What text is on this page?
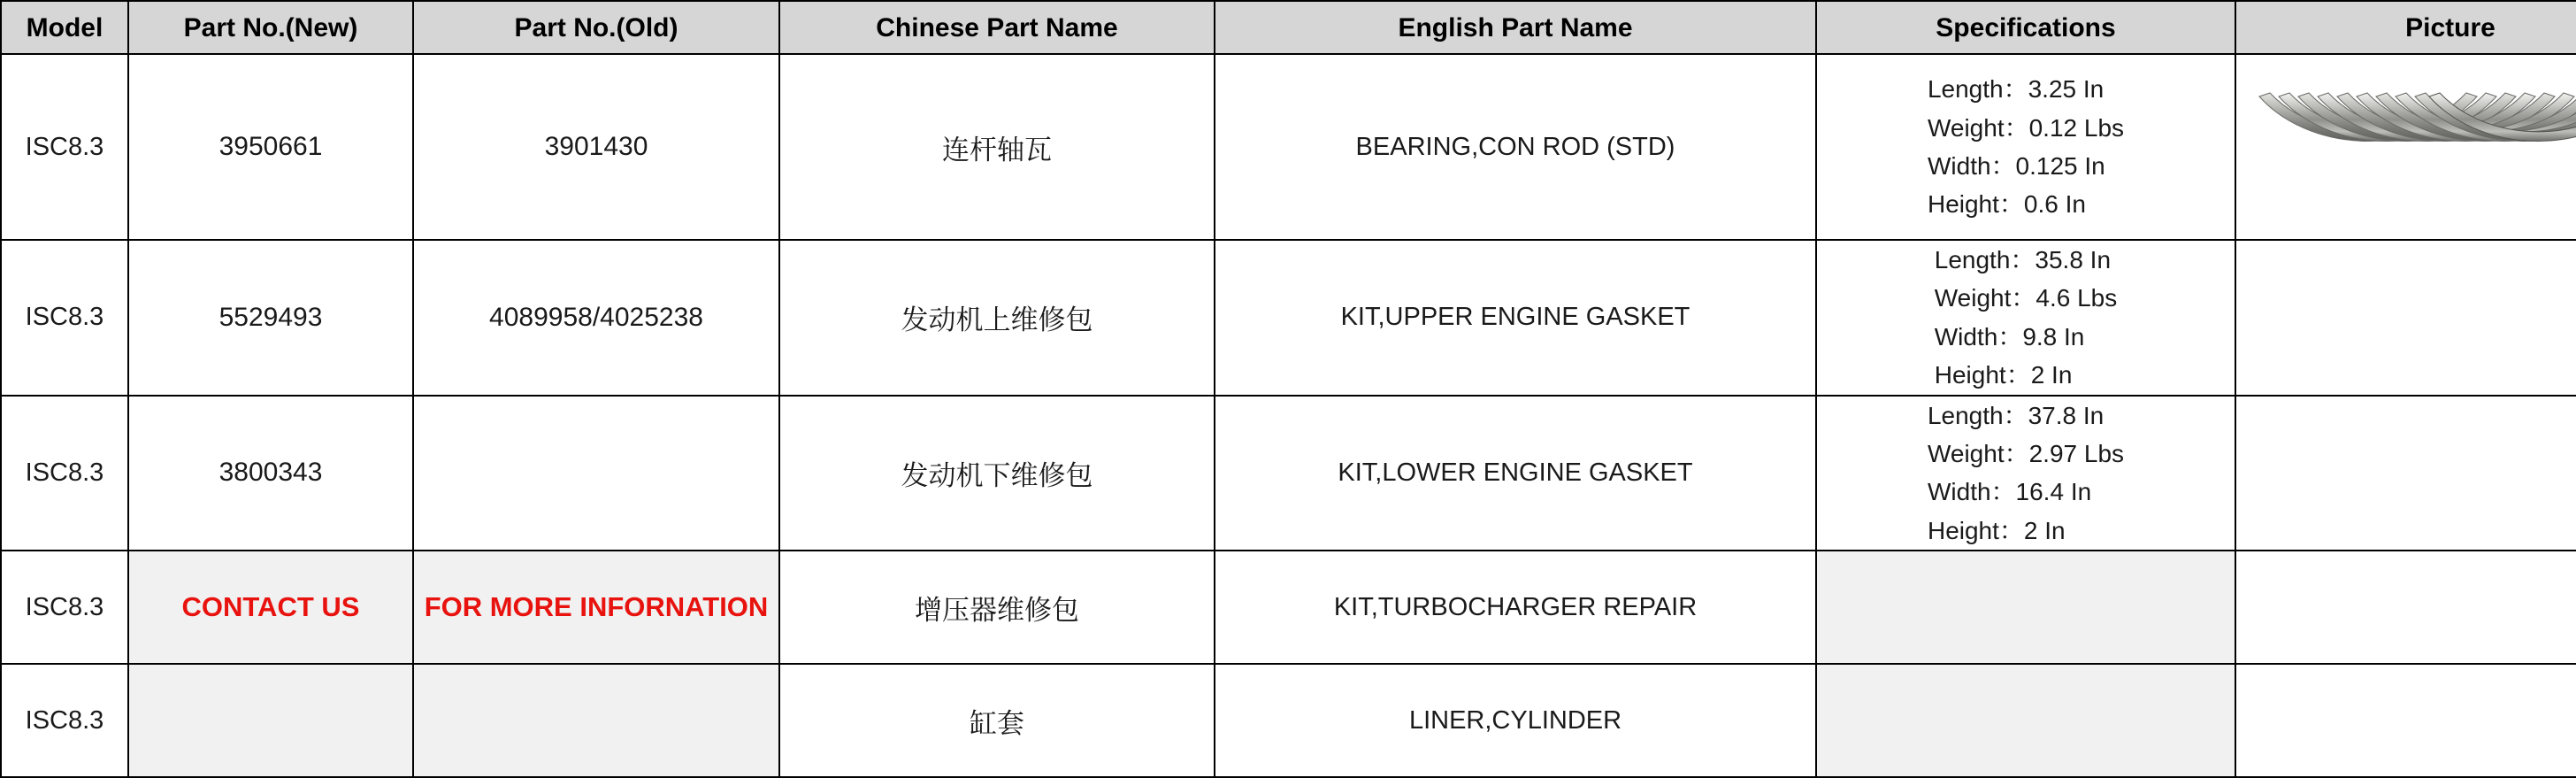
Model	Part No.(New)	Part No.(Old)	Chinese Part Name	English Part Name	Specifications	Picture
ISC8.3	3950661	3901430	连杆轴瓦	BEARING,CON ROD (STD)	Length：3.25 In
Weight：0.12 Lbs
Width：0.125 In
Height：0.6 In

ISC8.3	5529493	4089958/4025238	发动机上维修包	KIT,UPPER ENGINE GASKET	Length：35.8 In
Weight：4.6 Lbs
Width：9.8 In
Height：2 In	

ISC8.3	3800343		发动机下维修包	KIT,LOWER ENGINE GASKET	Length：37.8 In
Weight：2.97 Lbs
Width：16.4 In
Height：2 In	

ISC8.3	CONTACT US	FOR MORE INFORNATION	增压器维修包	KIT,TURBOCHARGER REPAIR		
ISC8.3			缸套	LINER,CYLINDER		
